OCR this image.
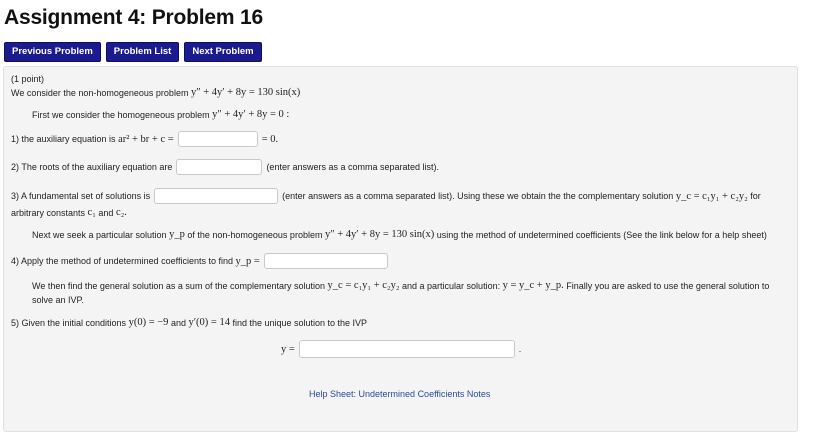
Assignment 4: Problem 16
Previous Problem	Problem List	Next Problem
(1 point)
We consider the non-homogeneous problem
y″ + 4y′ + 8y = 130 sin(x)
First we consider the homogeneous problem
y″ + 4y′ + 8y = 0 :
1) the auxiliary equation is
ar² + br + c =	= 0.
2) The roots of the auxiliary equation are	(enter answers as a comma separated list).
3) A fundamental set of solutions is	(enter answers as a comma separated list). Using these we obtain the the complementary solution
y_c = c₁y₁ + c₂y₂
for
arbitrary constants
c₁
and
c₂.
Next we seek a particular solution
y_p
of the non-homogeneous problem
y″ + 4y′ + 8y = 130 sin(x)
using the method of undetermined coefficients (See the link below for a help sheet)
4) Apply the method of undetermined coefficients to find
y_p =
We then find the general solution as a sum of the complementary solution
y_c = c₁y₁ + c₂y₂
and a particular solution:
y = y_c + y_p.
Finally you are asked to use the general solution to
solve an IVP.
5) Given the initial conditions
y(0) = −9
and
y′(0) = 14
find the unique solution to the IVP
y =	.
Help Sheet: Undetermined Coefficients Notes
